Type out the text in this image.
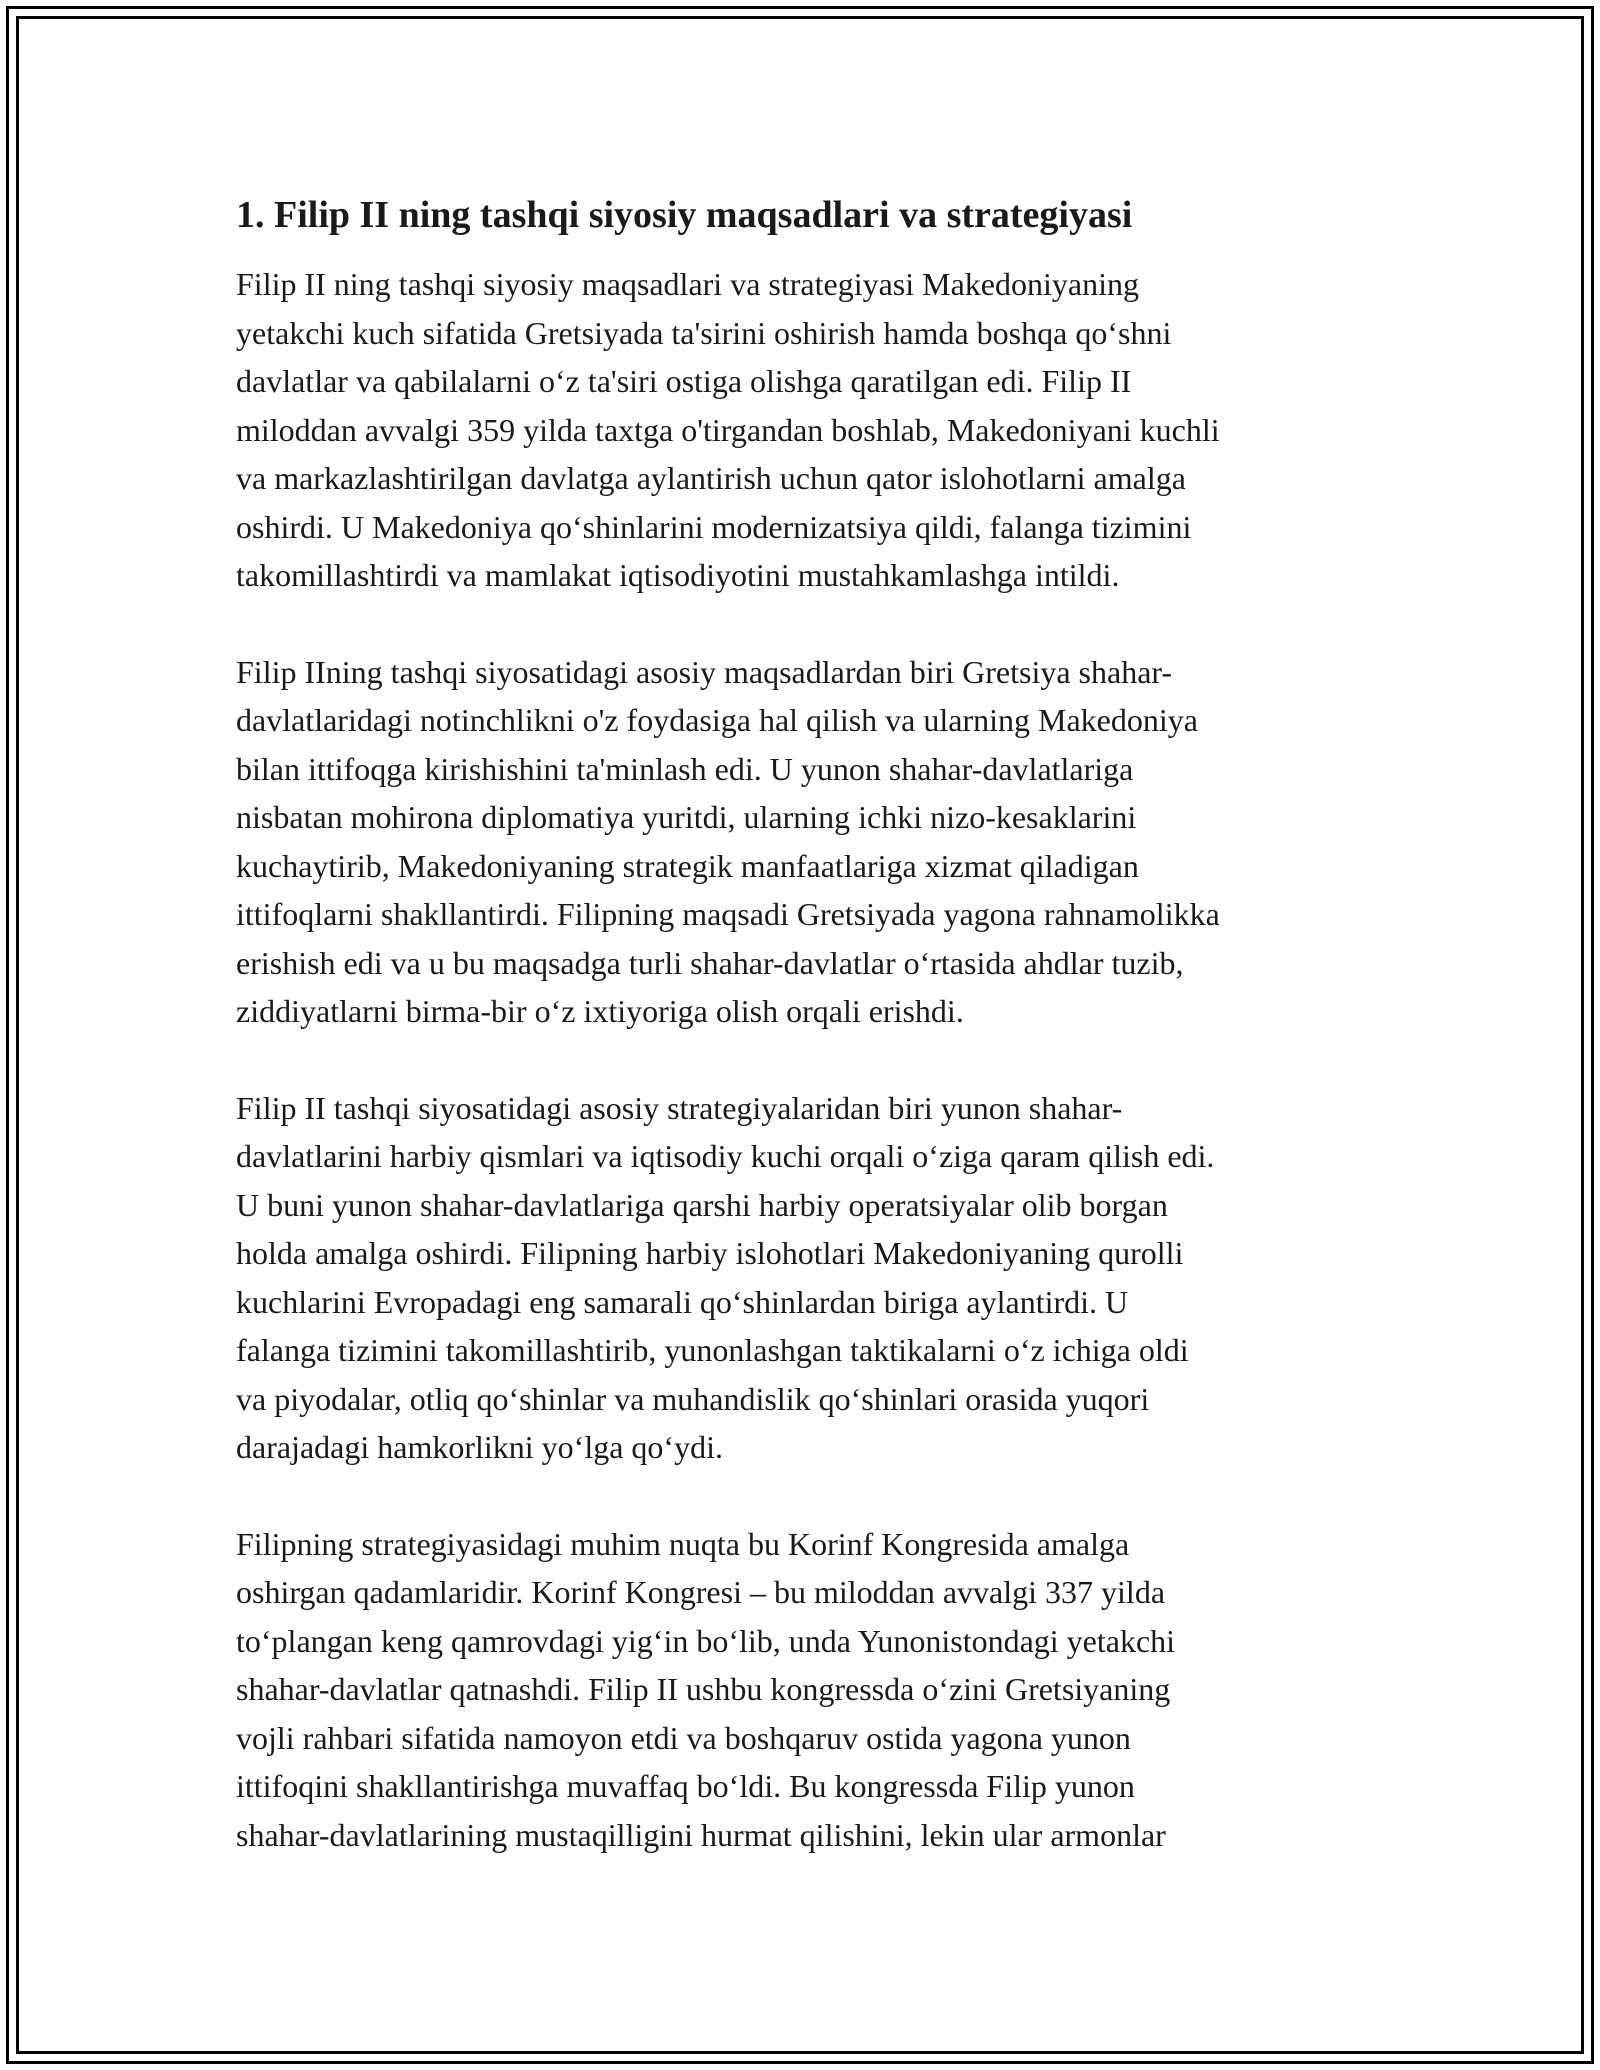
1. Filip II ning tashqi siyosiy maqsadlari va strategiyasi

Filip II ning tashqi siyosiy maqsadlari va strategiyasi Makedoniyaning
yetakchi kuch sifatida Gretsiyada ta'sirini oshirish hamda boshqa qo‘shni
davlatlar va qabilalarni o‘z ta'siri ostiga olishga qaratilgan edi. Filip II
miloddan avvalgi 359 yilda taxtga o'tirgandan boshlab, Makedoniyani kuchli
va markazlashtirilgan davlatga aylantirish uchun qator islohotlarni amalga
oshirdi. U Makedoniya qo‘shinlarini modernizatsiya qildi, falanga tizimini
takomillashtirdi va mamlakat iqtisodiyotini mustahkamlashga intildi.

Filip IIning tashqi siyosatidagi asosiy maqsadlardan biri Gretsiya shahar-
davlatlaridagi notinchlikni o'z foydasiga hal qilish va ularning Makedoniya
bilan ittifoqga kirishishini ta'minlash edi. U yunon shahar-davlatlariga
nisbatan mohirona diplomatiya yuritdi, ularning ichki nizo-kesaklarini
kuchaytirib, Makedoniyaning strategik manfaatlariga xizmat qiladigan
ittifoqlarni shakllantirdi. Filipning maqsadi Gretsiyada yagona rahnamolikka
erishish edi va u bu maqsadga turli shahar-davlatlar o‘rtasida ahdlar tuzib,
ziddiyatlarni birma-bir o‘z ixtiyoriga olish orqali erishdi.

Filip II tashqi siyosatidagi asosiy strategiyalaridan biri yunon shahar-
davlatlarini harbiy qismlari va iqtisodiy kuchi orqali o‘ziga qaram qilish edi.
U buni yunon shahar-davlatlariga qarshi harbiy operatsiyalar olib borgan
holda amalga oshirdi. Filipning harbiy islohotlari Makedoniyaning qurolli
kuchlarini Evropadagi eng samarali qo‘shinlardan biriga aylantirdi. U
falanga tizimini takomillashtirib, yunonlashgan taktikalarni o‘z ichiga oldi
va piyodalar, otliq qo‘shinlar va muhandislik qo‘shinlari orasida yuqori
darajadagi hamkorlikni yo‘lga qo‘ydi.

Filipning strategiyasidagi muhim nuqta bu Korinf Kongresida amalga
oshirgan qadamlaridir. Korinf Kongresi – bu miloddan avvalgi 337 yilda
to‘plangan keng qamrovdagi yig‘in bo‘lib, unda Yunonistondagi yetakchi
shahar-davlatlar qatnashdi. Filip II ushbu kongressda o‘zini Gretsiyaning
vojli rahbari sifatida namoyon etdi va boshqaruv ostida yagona yunon
ittifoqini shakllantirishga muvaffaq bo‘ldi. Bu kongressda Filip yunon
shahar-davlatlarining mustaqilligini hurmat qilishini, lekin ular armonlar
